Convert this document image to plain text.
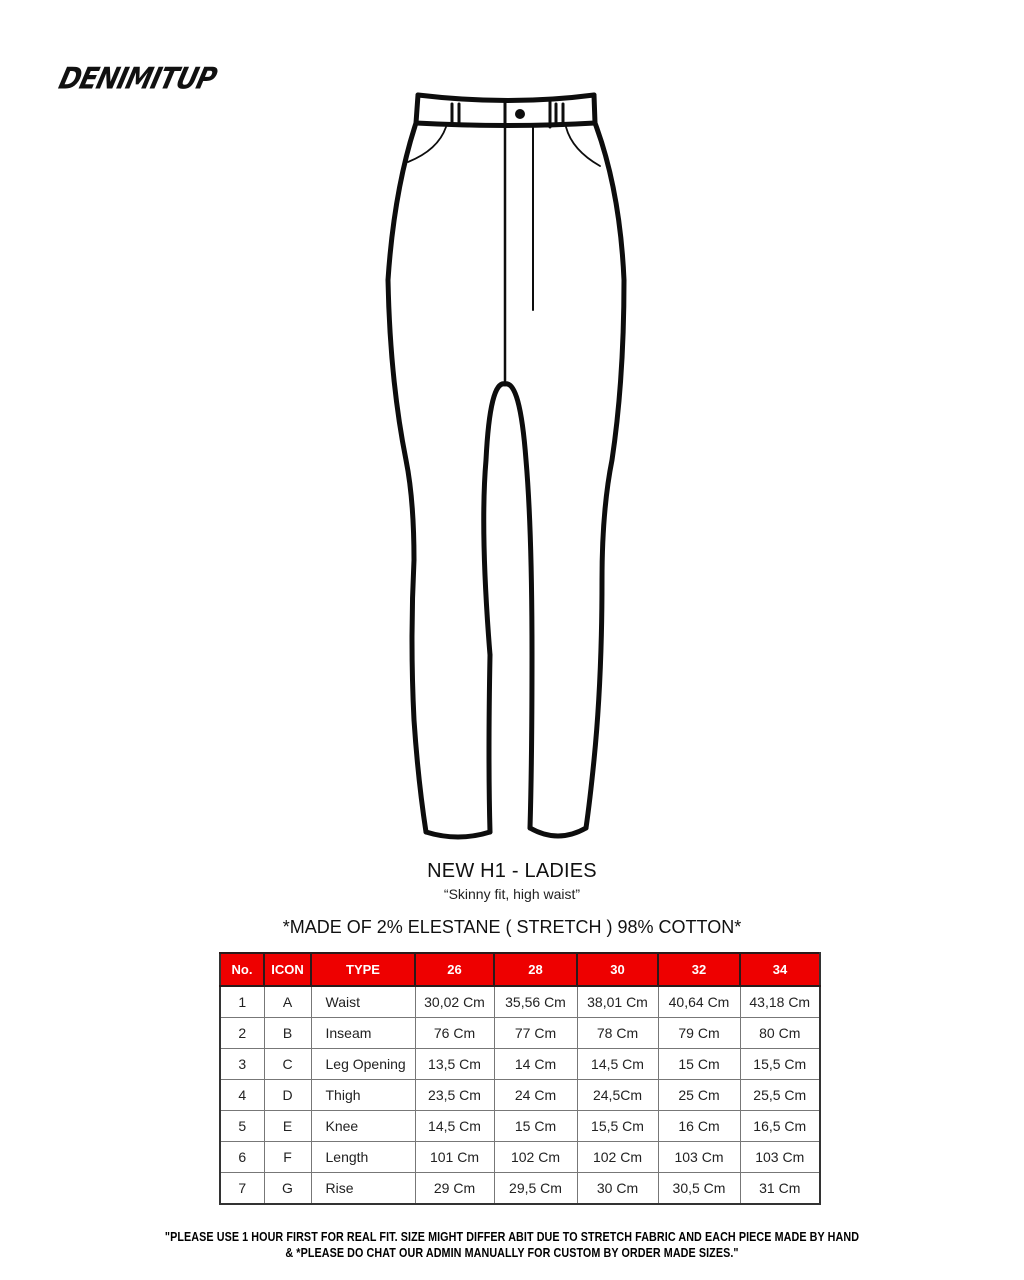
DENIMITUP
NEW H1 - LADIES
“Skinny fit, high waist”
*MADE OF 2% ELESTANE ( STRETCH ) 98% COTTON*
No.	ICON	TYPE	26	28	30	32	34
1	A	Waist	30,02 Cm	35,56 Cm	38,01 Cm	40,64 Cm	43,18 Cm
2	B	Inseam	76 Cm	77 Cm	78 Cm	79 Cm	80 Cm
3	C	Leg Opening	13,5 Cm	14 Cm	14,5 Cm	15 Cm	15,5 Cm
4	D	Thigh	23,5 Cm	24 Cm	24,5Cm	25 Cm	25,5 Cm
5	E	Knee	14,5 Cm	15 Cm	15,5 Cm	16 Cm	16,5 Cm
6	F	Length	101 Cm	102 Cm	102 Cm	103 Cm	103 Cm
7	G	Rise	29 Cm	29,5 Cm	30 Cm	30,5 Cm	31 Cm
"PLEASE USE 1 HOUR FIRST FOR REAL FIT. SIZE MIGHT DIFFER ABIT DUE TO STRETCH FABRIC AND EACH PIECE MADE BY HAND
& *PLEASE DO CHAT OUR ADMIN MANUALLY FOR CUSTOM BY ORDER MADE SIZES."
